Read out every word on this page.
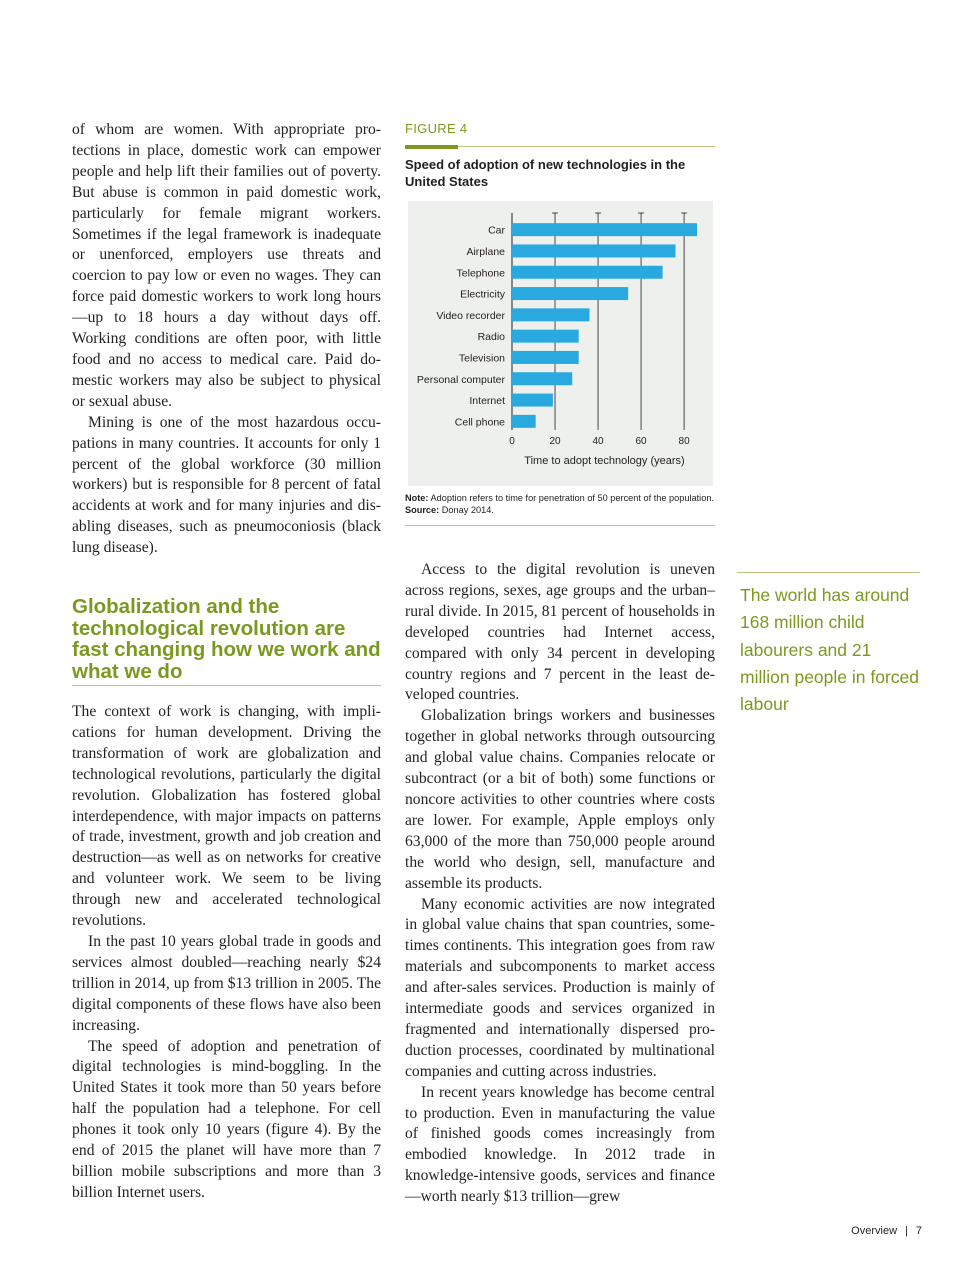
of whom are women. With appropriate protections in place, domestic work can empower people and help lift their families out of poverty. But abuse is common in paid domestic work, particularly for female migrant workers. Sometimes if the legal framework is inadequate or unenforced, employers use threats and coercion to pay low or even no wages. They can force paid domestic workers to work long hours—up to 18 hours a day without days off. Working conditions are often poor, with little food and no access to medical care. Paid domestic workers may also be subject to physical or sexual abuse.

Mining is one of the most hazardous occupations in many countries. It accounts for only 1 percent of the global workforce (30 million workers) but is responsible for 8 percent of fatal accidents at work and for many injuries and disabling diseases, such as pneumoconiosis (black lung disease).

Globalization and the technological revolution are fast changing how we work and what we do

The context of work is changing, with implications for human development. Driving the transformation of work are globalization and technological revolutions, particularly the digital revolution. Globalization has fostered global interdependence, with major impacts on patterns of trade, investment, growth and job creation and destruction—as well as on networks for creative and volunteer work. We seem to be living through new and accelerated technological revolutions.

In the past 10 years global trade in goods and services almost doubled—reaching nearly $24 trillion in 2014, up from $13 trillion in 2005. The digital components of these flows have also been increasing.

The speed of adoption and penetration of digital technologies is mind-boggling. In the United States it took more than 50 years before half the population had a telephone. For cell phones it took only 10 years (figure 4). By the end of 2015 the planet will have more than 7 billion mobile subscriptions and more than 3 billion Internet users.

FIGURE 4
Speed of adoption of new technologies in the United States
Car
Airplane
Telephone
Electricity
Video recorder
Radio
Television
Personal computer
Internet
Cell phone
0	20	40	60	80
Time to adopt technology (years)
Note: Adoption refers to time for penetration of 50 percent of the population.
Source: Donay 2014.

Access to the digital revolution is uneven across regions, sexes, age groups and the urban–rural divide. In 2015, 81 percent of households in developed countries had Internet access, compared with only 34 percent in developing country regions and 7 percent in the least developed countries.

Globalization brings workers and businesses together in global networks through outsourcing and global value chains. Companies relocate or subcontract (or a bit of both) some functions or noncore activities to other countries where costs are lower. For example, Apple employs only 63,000 of the more than 750,000 people around the world who design, sell, manufacture and assemble its products.

Many economic activities are now integrated in global value chains that span countries, sometimes continents. This integration goes from raw materials and subcomponents to market access and after-sales services. Production is mainly of intermediate goods and services organized in fragmented and internationally dispersed production processes, coordinated by multinational companies and cutting across industries.

In recent years knowledge has become central to production. Even in manufacturing the value of finished goods comes increasingly from embodied knowledge. In 2012 trade in knowledge-intensive goods, services and finance—worth nearly $13 trillion—grew

The world has around 168 million child labourers and 21 million people in forced labour
Overview | 7
